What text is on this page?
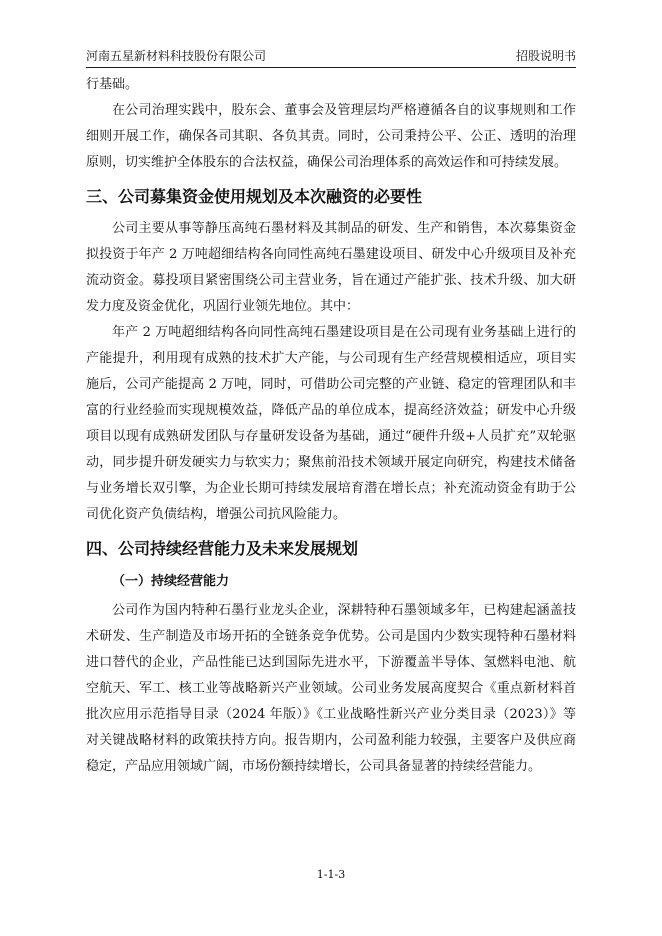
河南五星新材料科技股份有限公司	招股说明书

行基础。

在公司治理实践中，股东会、董事会及管理层均严格遵循各自的议事规则和工作细则开展工作，确保各司其职、各负其责。同时，公司秉持公平、公正、透明的治理原则，切实维护全体股东的合法权益，确保公司治理体系的高效运作和可持续发展。

三、公司募集资金使用规划及本次融资的必要性

公司主要从事等静压高纯石墨材料及其制品的研发、生产和销售，本次募集资金拟投资于年产 2 万吨超细结构各向同性高纯石墨建设项目、研发中心升级项目及补充流动资金。募投项目紧密围绕公司主营业务，旨在通过产能扩张、技术升级、加大研发力度及资金优化，巩固行业领先地位。其中：

年产 2 万吨超细结构各向同性高纯石墨建设项目是在公司现有业务基础上进行的产能提升，利用现有成熟的技术扩大产能，与公司现有生产经营规模相适应，项目实施后，公司产能提高 2 万吨，同时，可借助公司完整的产业链、稳定的管理团队和丰富的行业经验而实现规模效益，降低产品的单位成本，提高经济效益；研发中心升级项目以现有成熟研发团队与存量研发设备为基础，通过“硬件升级+人员扩充”双轮驱动，同步提升研发硬实力与软实力；聚焦前沿技术领域开展定向研究，构建技术储备与业务增长双引擎，为企业长期可持续发展培育潜在增长点；补充流动资金有助于公司优化资产负债结构，增强公司抗风险能力。

四、公司持续经营能力及未来发展规划
（一）持续经营能力

公司作为国内特种石墨行业龙头企业，深耕特种石墨领域多年，已构建起涵盖技术研发、生产制造及市场开拓的全链条竞争优势。公司是国内少数实现特种石墨材料进口替代的企业，产品性能已达到国际先进水平，下游覆盖半导体、氢燃料电池、航空航天、军工、核工业等战略新兴产业领域。公司业务发展高度契合《重点新材料首批次应用示范指导目录（2024 年版）》《工业战略性新兴产业分类目录（2023）》等对关键战略材料的政策扶持方向。报告期内，公司盈利能力较强，主要客户及供应商稳定，产品应用领域广阔，市场份额持续增长，公司具备显著的持续经营能力。

1-1-3
